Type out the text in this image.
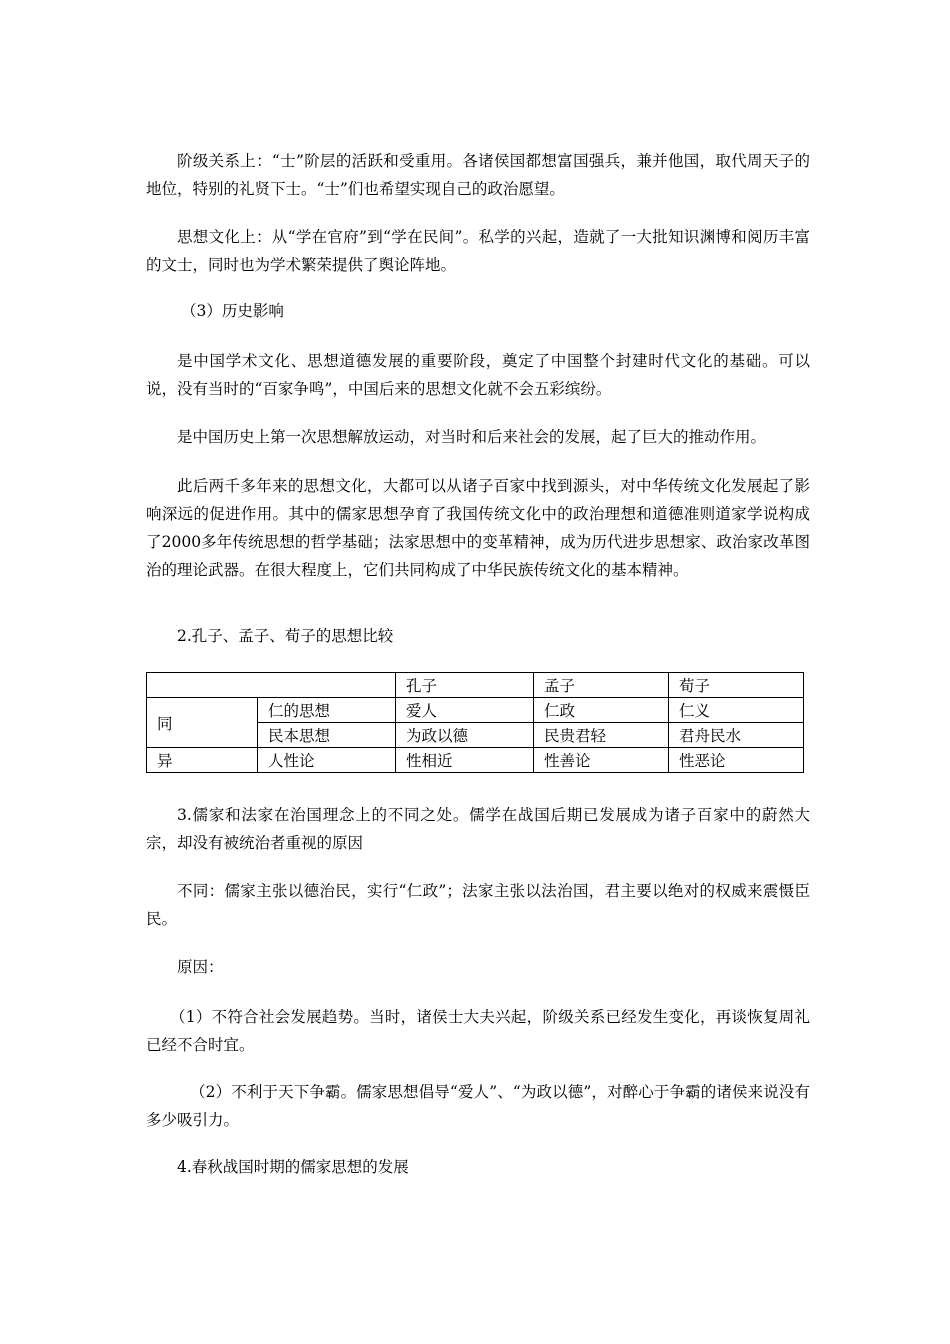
阶级关系上：“士”阶层的活跃和受重用。各诸侯国都想富国强兵，兼并他国，取代周天子的地位，特别的礼贤下士。“士”们也希望实现自己的政治愿望。

思想文化上：从“学在官府”到“学在民间”。私学的兴起，造就了一大批知识渊博和阅历丰富的文士，同时也为学术繁荣提供了舆论阵地。

（3）历史影响

是中国学术文化、思想道德发展的重要阶段，奠定了中国整个封建时代文化的基础。可以说，没有当时的“百家争鸣”，中国后来的思想文化就不会五彩缤纷。

是中国历史上第一次思想解放运动，对当时和后来社会的发展，起了巨大的推动作用。

此后两千多年来的思想文化，大都可以从诸子百家中找到源头，对中华传统文化发展起了影响深远的促进作用。其中的儒家思想孕育了我国传统文化中的政治理想和道德准则道家学说构成了2000多年传统思想的哲学基础；法家思想中的变革精神，成为历代进步思想家、政治家改革图治的理论武器。在很大程度上，它们共同构成了中华民族传统文化的基本精神。

2.孔子、孟子、荀子的思想比较

		孔子	孟子	荀子
同	仁的思想	爱人	仁政	仁义
	民本思想	为政以德	民贵君轻	君舟民水
异	人性论	性相近	性善论	性恶论

3.儒家和法家在治国理念上的不同之处。儒学在战国后期已发展成为诸子百家中的蔚然大宗，却没有被统治者重视的原因

不同：儒家主张以德治民，实行“仁政”；法家主张以法治国，君主要以绝对的权威来震慑臣民。

原因：

（1）不符合社会发展趋势。当时，诸侯士大夫兴起，阶级关系已经发生变化，再谈恢复周礼已经不合时宜。

（2）不利于天下争霸。儒家思想倡导“爱人”、“为政以德”，对醉心于争霸的诸侯来说没有多少吸引力。

4.春秋战国时期的儒家思想的发展
